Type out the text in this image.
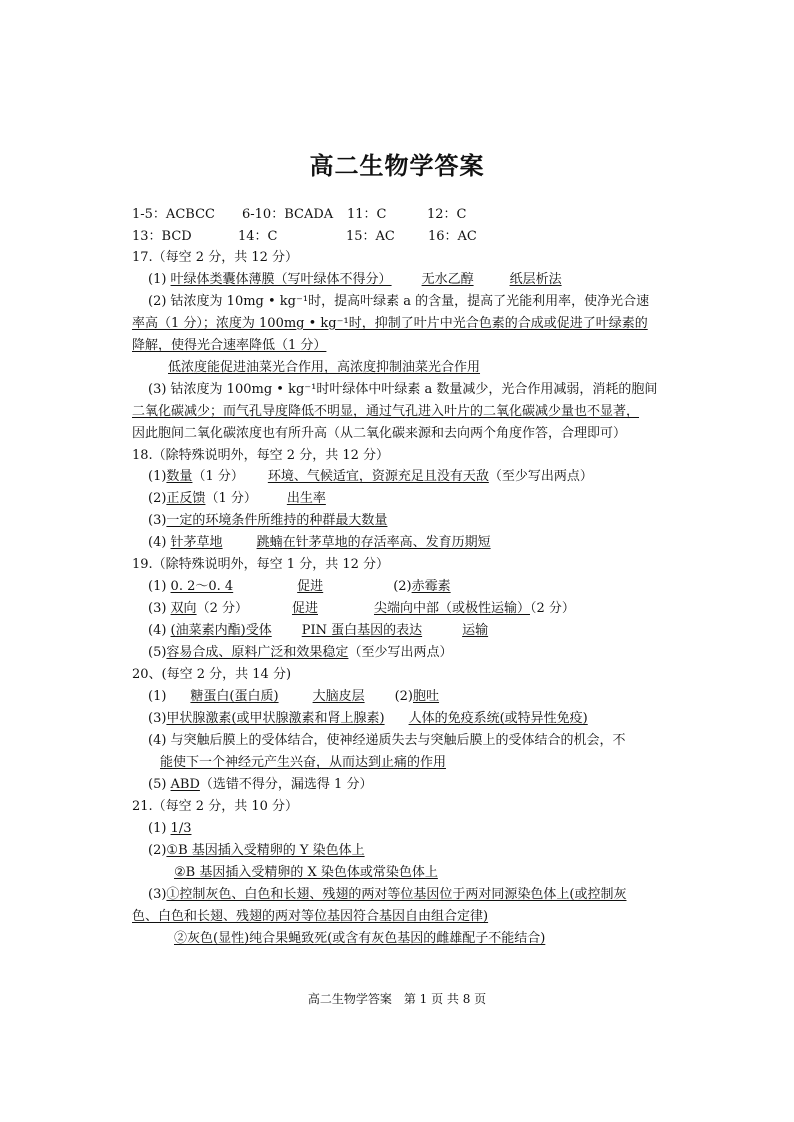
高二生物学答案
1-5：ACBCC 6-10：BCADA 11：C	12：C
13：BCD	14：C	15：AC	16：AC
17.（每空 2 分，共 12 分）
(1) 叶绿体类囊体薄膜（写叶绿体不得分） 无水乙醇	纸层析法
(2) 钴浓度为 10mg • kg⁻¹时，提高叶绿素 a 的含量，提高了光能利用率，使净光合速
率高（1 分）；浓度为 100mg • kg⁻¹时，抑制了叶片中光合色素的合成或促进了叶绿素的
降解，使得光合速率降低（1 分）
低浓度能促进油菜光合作用，高浓度抑制油菜光合作用
(3) 钴浓度为 100mg • kg⁻¹时叶绿体中叶绿素 a 数量减少，光合作用减弱，消耗的胞间
二氧化碳减少；而气孔导度降低不明显，通过气孔进入叶片的二氧化碳减少量也不显著，
因此胞间二氧化碳浓度也有所升高（从二氧化碳来源和去向两个角度作答，合理即可）
18.（除特殊说明外，每空 2 分，共 12 分）
(1)数量（1 分） 环境、气候适宜，资源充足且没有天敌（至少写出两点）
(2)正反馈（1 分） 出生率
(3)一定的环境条件所维持的种群最大数量
(4) 针茅草地	跳蝻在针茅草地的存活率高、发育历期短
19.（除特殊说明外，每空 1 分，共 12 分）
(1) 0. 2～0. 4	促进	(2)赤霉素
(3) 双向（2 分）	促进	尖端向中部（或极性运输）（2 分）
(4) (油菜素内酯)受体 PIN 蛋白基因的表达	运输
(5)容易合成、原料广泛和效果稳定（至少写出两点）
20、(每空 2 分，共 14 分)
(1) 糖蛋白(蛋白质)	大脑皮层 (2)胞吐
(3)甲状腺激素(或甲状腺激素和肾上腺素) 人体的免疫系统(或特异性免疫)
(4) 与突触后膜上的受体结合，使神经递质失去与突触后膜上的受体结合的机会，不
能使下一个神经元产生兴奋，从而达到止痛的作用
(5) ABD（选错不得分，漏选得 1 分）
21.（每空 2 分，共 10 分）
(1) 1/3
(2)①B 基因插入受精卵的 Y 染色体上
②B 基因插入受精卵的 X 染色体或常染色体上
(3)①控制灰色、白色和长翅、残翅的两对等位基因位于两对同源染色体上(或控制灰
色、白色和长翅、残翅的两对等位基因符合基因自由组合定律)
②灰色(显性)纯合果蝇致死(或含有灰色基因的雌雄配子不能结合)
高二生物学答案　第 1 页 共 8 页
